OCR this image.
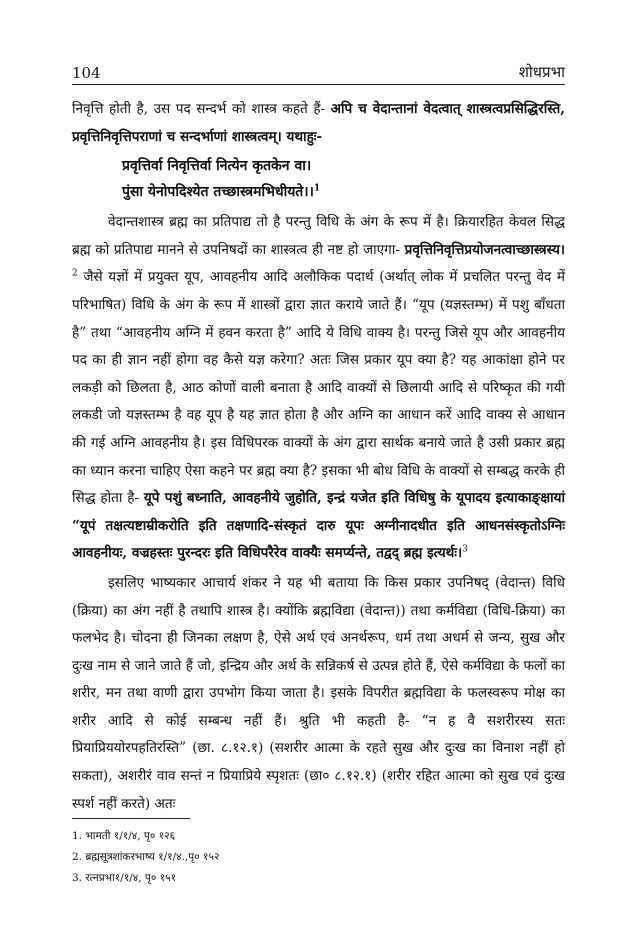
104	शोधप्रभा

निवृत्ति होती है, उस पद सन्दर्भ को शास्त्र कहते हैं- अपि च वेदान्तानां वेदत्वात् शास्त्रत्वप्रसिद्धिरस्ति, प्रवृत्तिनिवृत्तिपराणां च सन्दर्भाणां शास्त्रत्वम्। यथाहुः-

प्रवृत्तिर्वा निवृत्तिर्वा नित्येन कृतकेन वा।

पुंसा येनोपदिश्येत तच्छास्त्रमभिधीयते।।$^1$

वेदान्तशास्त्र ब्रह्म का प्रतिपाद्य तो है परन्तु विधि के अंग के रूप में है। क्रियारहित केवल सिद्ध ब्रह्म को प्रतिपाद्य मानने से उपनिषदों का शास्त्रत्व ही नष्ट हो जाएगा- प्रवृत्तिनिवृत्तिप्रयोजनत्वाच्छास्त्रस्य।$^2$ जैसे यज्ञों में प्रयुक्त यूप, आवहनीय आदि अलौकिक पदार्थ (अर्थात् लोक में प्रचलित परन्तु वेद में परिभाषित) विधि के अंग के रूप में शास्त्रों द्वारा ज्ञात कराये जाते हैं। “यूप (यज्ञस्तम्भ) में पशु बाँधता है” तथा “आवहनीय अग्नि में हवन करता है” आदि ये विधि वाक्य है। परन्तु जिसे यूप और आवहनीय पद का ही ज्ञान नहीं होगा वह कैसे यज्ञ करेगा? अतः जिस प्रकार यूप क्या है? यह आकांक्षा होने पर लकड़ी को छिलता है, आठ कोणों वाली बनाता है आदि वाक्यों से छिलायी आदि से परिष्कृत की गयी लकडी जो यज्ञस्तम्भ है वह यूप है यह ज्ञात होता है और अग्नि का आधान करें आदि वाक्य से आधान की गई अग्नि आवहनीय है। इस विधिपरक वाक्यों के अंग द्वारा सार्थक बनाये जाते है उसी प्रकार ब्रह्म का ध्यान करना चाहिए ऐसा कहने पर ब्रह्म क्या है? इसका भी बोध विधि के वाक्यों से सम्बद्ध करके ही सिद्ध होता है- यूपे पशुं बध्नाति, आवहनीये जुहोति, इन्द्रं यजेत इति विधिषु के यूपादय इत्याकाङ्क्षायां “यूपं तक्षत्यष्टाम्रीकरोति इति तक्षणादि-संस्कृतं दारु यूपः अग्नीनादधीत इति आधनसंस्कृतोऽग्निः आवहनीयः, वज्रहस्तः पुरन्दरः इति विधिपरैरेव वाक्यैः समर्प्यन्ते, तद्वद् ब्रह्म इत्यर्थः।$^3$

इसलिए भाष्यकार आचार्य शंकर ने यह भी बताया कि किस प्रकार उपनिषद् (वेदान्त) विधि (क्रिया) का अंग नहीं है तथापि शास्त्र है। क्योंकि ब्रह्मविद्या (वेदान्त)) तथा कर्मविद्या (विधि-क्रिया) का फलभेद है। चोदना ही जिनका लक्षण है, ऐसे अर्थ एवं अनर्थरूप, धर्म तथा अधर्म से जन्य, सुख और दुःख नाम से जाने जाते हैं जो, इन्द्रिय और अर्थ के सन्निकर्ष से उत्पन्न होते हैं, ऐसे कर्मविद्या के फलों का शरीर, मन तथा वाणी द्वारा उपभोग किया जाता है। इसके विपरीत ब्रह्मविद्या के फलस्वरूप मोक्ष का शरीर आदि से कोई सम्बन्ध नहीं हैं। श्रुति भी कहती है- “न ह वै सशरीरस्य सतः प्रियाप्रिययोरपहतिरस्ति” (छा. ८.१२.१) (सशरीर आत्मा के रहते सुख और दुःख का विनाश नहीं हो सकता), अशरीरं वाव सन्तं न प्रियाप्रिये स्पृशतः (छा० ८.१२.१) (शरीर रहित आत्मा को सुख एवं दुःख स्पर्श नहीं करते) अतः

1. भामती १/१/४, पृ० १२६
2. ब्रह्मसूत्रशांकरभाष्य १/१/४.,पृ० १५२
3. रत्नप्रभा१/१/४, पृ० १५१
